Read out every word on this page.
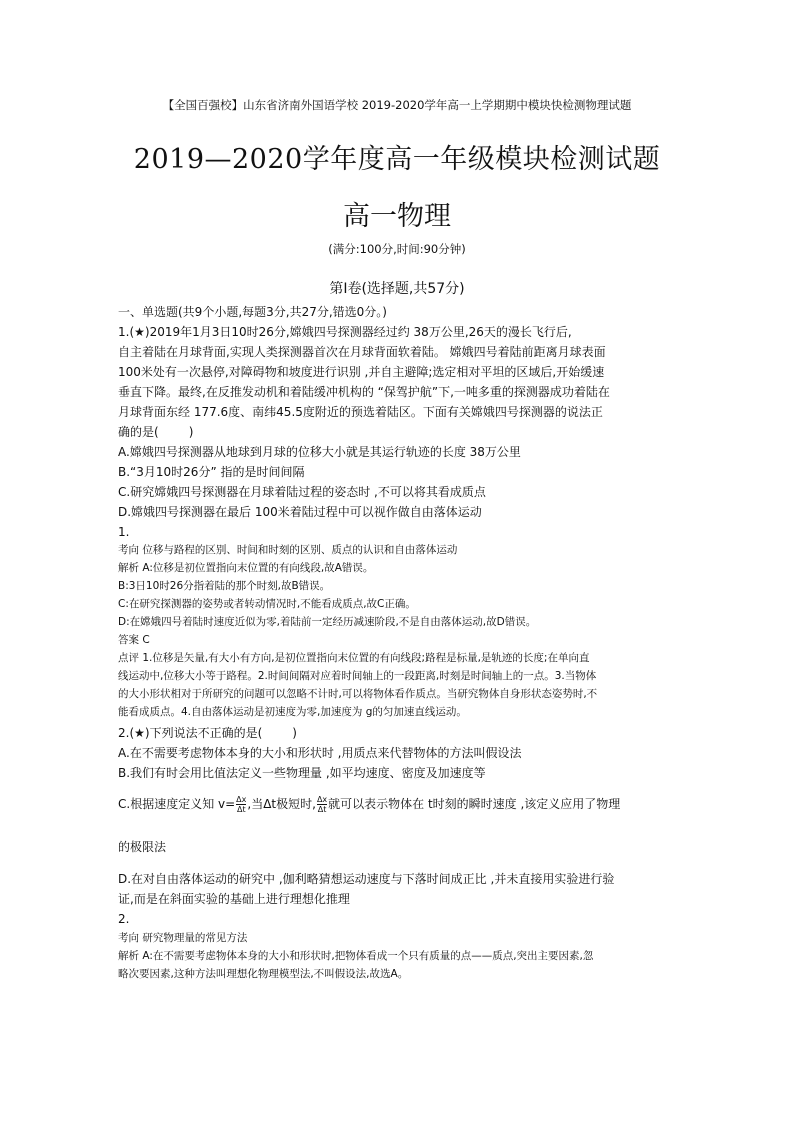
【全国百强校】山东省济南外国语学校 2019-2020学年高一上学期期中模块快检测物理试题
2019—2020学年度高一年级模块检测试题
高一物理
(满分:100分,时间:90分钟)
第Ⅰ卷(选择题,共57分)
一、单选题(共9个小题,每题3分,共27分,错选0分。)
1.(★)2019年1月3日10时26分,嫦娥四号探测器经过约 38万公里,26天的漫长飞行后,
自主着陆在月球背面,实现人类探测器首次在月球背面软着陆。 嫦娥四号着陆前距离月球表面
100米处有一次悬停,对障碍物和坡度进行识别 ,并自主避障;选定相对平坦的区域后,开始缓速
垂直下降。最终,在反推发动机和着陆缓冲机构的 “保驾护航”下,一吨多重的探测器成功着陆在
月球背面东经 177.6度、南纬45.5度附近的预选着陆区。下面有关嫦娥四号探测器的说法正
确的是(	)
A.嫦娥四号探测器从地球到月球的位移大小就是其运行轨迹的长度 38万公里
B.“3月10时26分” 指的是时间间隔
C.研究嫦娥四号探测器在月球着陆过程的姿态时 ,不可以将其看成质点
D.嫦娥四号探测器在最后 100米着陆过程中可以视作做自由落体运动
1.
考向 位移与路程的区别、时间和时刻的区别、质点的认识和自由落体运动
解析 A:位移是初位置指向末位置的有向线段,故A错误。
B:3日10时26分指着陆的那个时刻,故B错误。
C:在研究探测器的姿势或者转动情况时,不能看成质点,故C正确。
D:在嫦娥四号着陆时速度近似为零,着陆前一定经历减速阶段,不是自由落体运动,故D错误。
答案 C
点评 1.位移是矢量,有大小有方向,是初位置指向末位置的有向线段;路程是标量,是轨迹的长度;在单向直
线运动中,位移大小等于路程。2.时间间隔对应着时间轴上的一段距离,时刻是时间轴上的一点。3.当物体
的大小形状相对于所研究的问题可以忽略不计时,可以将物体看作质点。当研究物体自身形状态姿势时,不
能看成质点。4.自由落体运动是初速度为零,加速度为 g的匀加速直线运动。
2.(★)下列说法不正确的是(	)
A.在不需要考虑物体本身的大小和形状时 ,用质点来代替物体的方法叫假设法
B.我们有时会用比值法定义一些物理量 ,如平均速度、密度及加速度等
C.根据速度定义知 $v= \frac{\Delta x}{\Delta t}$ ,当Δt极短时, $\frac{\Delta x}{\Delta t}$ 就可以表示物体在 t时刻的瞬时速度 ,该定义应用了物理
的极限法
D.在对自由落体运动的研究中 ,伽利略猜想运动速度与下落时间成正比 ,并未直接用实验进行验
证,而是在斜面实验的基础上进行理想化推理
2.
考向 研究物理量的常见方法
解析 A:在不需要考虑物体本身的大小和形状时,把物体看成一个只有质量的点——质点,突出主要因素,忽
略次要因素,这种方法叫理想化物理模型法,不叫假设法,故选A。
